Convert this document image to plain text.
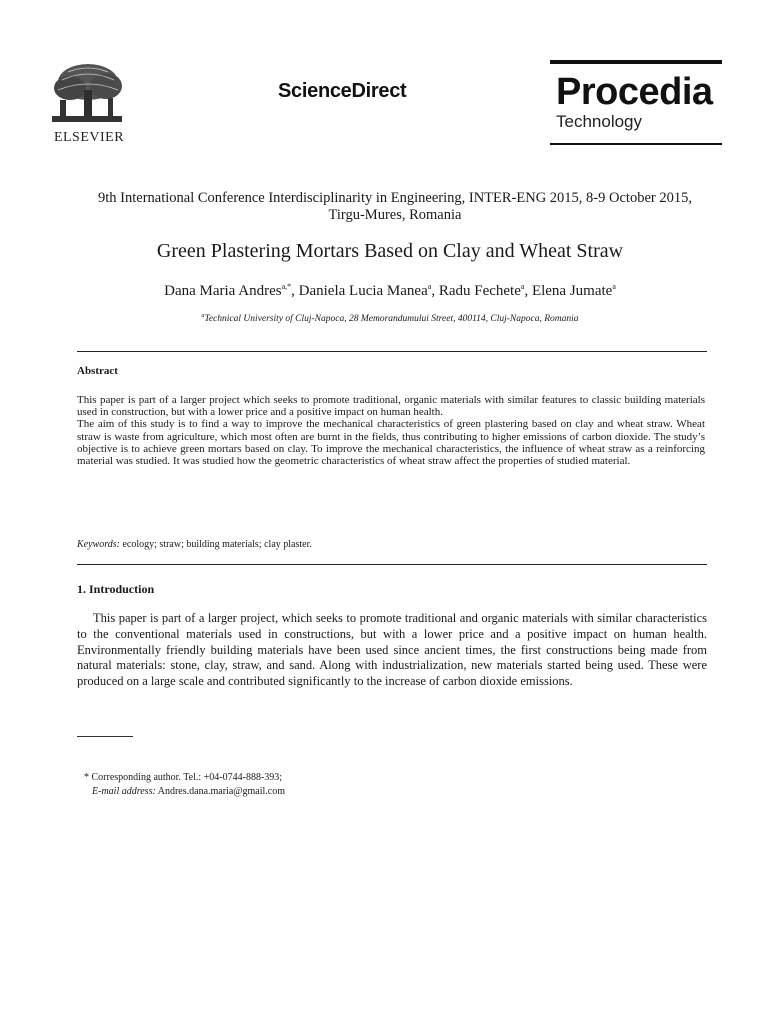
ELSEVIER
ScienceDirect	Procedia
Technology
9th International Conference Interdisciplinarity in Engineering, INTER-ENG 2015, 8-9 October 2015, Tirgu-Mures, Romania
Green Plastering Mortars Based on Clay and Wheat Straw
Dana Maria Andres$^{a,*}$, Daniela Lucia Manea$^a$, Radu Fechete$^a$, Elena Jumate$^a$
$^a$Technical University of Cluj-Napoca, 28 Memorandumului Street, 400114, Cluj-Napoca, Romania
Abstract

This paper is part of a larger project which seeks to promote traditional, organic materials with similar features to classic building materials used in construction, but with a lower price and a positive impact on human health.

The aim of this study is to find a way to improve the mechanical characteristics of green plastering based on clay and wheat straw. Wheat straw is waste from agriculture, which most often are burnt in the fields, thus contributing to higher emissions of carbon dioxide. The study’s objective is to achieve green mortars based on clay. To improve the mechanical characteristics, the influence of wheat straw as a reinforcing material was studied. It was studied how the geometric characteristics of wheat straw affect the properties of studied material.

Keywords: ecology; straw; building materials; clay plaster.
1. Introduction
This paper is part of a larger project, which seeks to promote traditional and organic materials with similar characteristics to the conventional materials used in constructions, but with a lower price and a positive impact on human health. Environmentally friendly building materials have been used since ancient times, the first constructions being made from natural materials: stone, clay, straw, and sand. Along with industrialization, new materials started being used. These were produced on a large scale and contributed significantly to the increase of carbon dioxide emissions.
* Corresponding author. Tel.: +04-0744-888-393;
E-mail address: Andres.dana.maria@gmail.com
